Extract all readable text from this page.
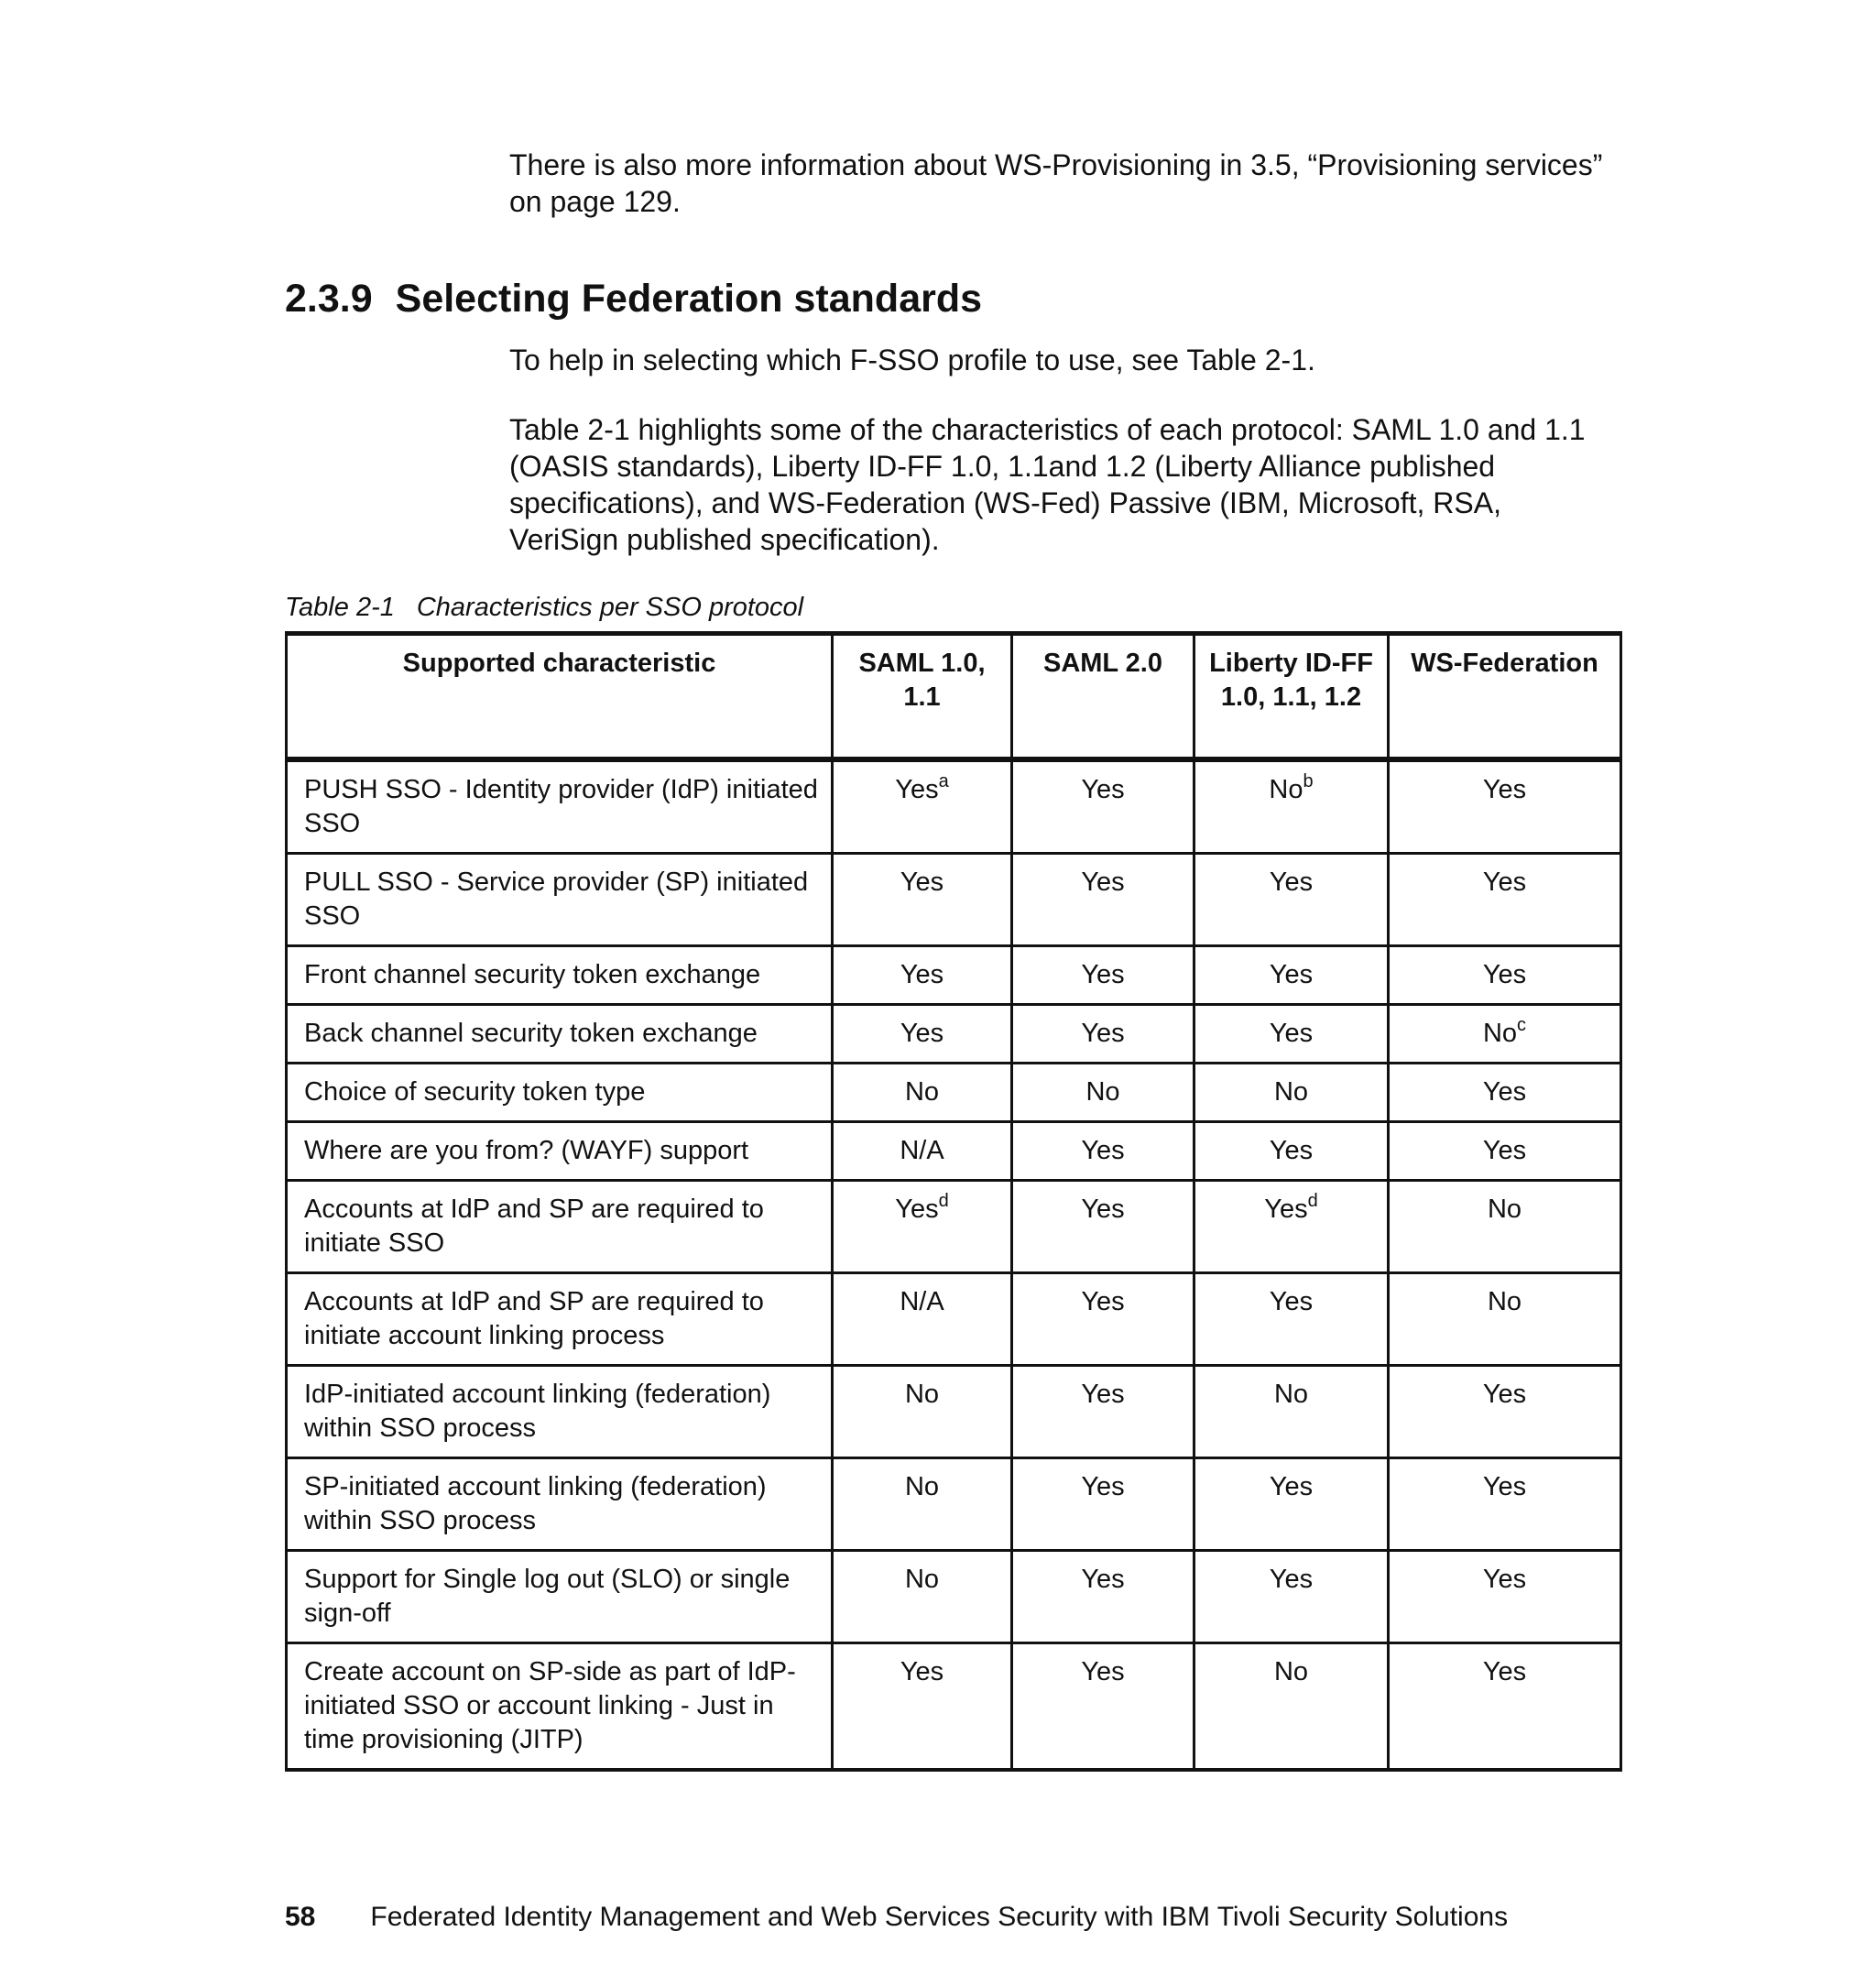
There is also more information about WS-Provisioning in 3.5, “Provisioning services” on page 129.

2.3.9 Selecting Federation standards

To help in selecting which F-SSO profile to use, see Table 2-1.

Table 2-1 highlights some of the characteristics of each protocol: SAML 1.0 and 1.1 (OASIS standards), Liberty ID-FF 1.0, 1.1and 1.2 (Liberty Alliance published specifications), and WS-Federation (WS-Fed) Passive (IBM, Microsoft, RSA, VeriSign published specification).

Table 2-1 Characteristics per SSO protocol
Supported characteristic	SAML 1.0, 1.1	SAML 2.0	Liberty ID-FF 1.0, 1.1, 1.2	WS-Federation
PUSH SSO - Identity provider (IdP) initiated SSO	Yes$^a$	Yes	No$^b$	Yes
PULL SSO - Service provider (SP) initiated SSO	Yes	Yes	Yes	Yes
Front channel security token exchange	Yes	Yes	Yes	Yes
Back channel security token exchange	Yes	Yes	Yes	No$^c$
Choice of security token type	No	No	No	Yes
Where are you from? (WAYF) support	N/A	Yes	Yes	Yes
Accounts at IdP and SP are required to initiate SSO	Yes$^d$	Yes	Yes$^d$	No
Accounts at IdP and SP are required to initiate account linking process	N/A	Yes	Yes	No
IdP-initiated account linking (federation) within SSO process	No	Yes	No	Yes
SP-initiated account linking (federation) within SSO process	No	Yes	Yes	Yes
Support for Single log out (SLO) or single sign-off	No	Yes	Yes	Yes
Create account on SP-side as part of IdP-initiated SSO or account linking - Just in time provisioning (JITP)	Yes	Yes	No	Yes
58 Federated Identity Management and Web Services Security with IBM Tivoli Security Solutions
